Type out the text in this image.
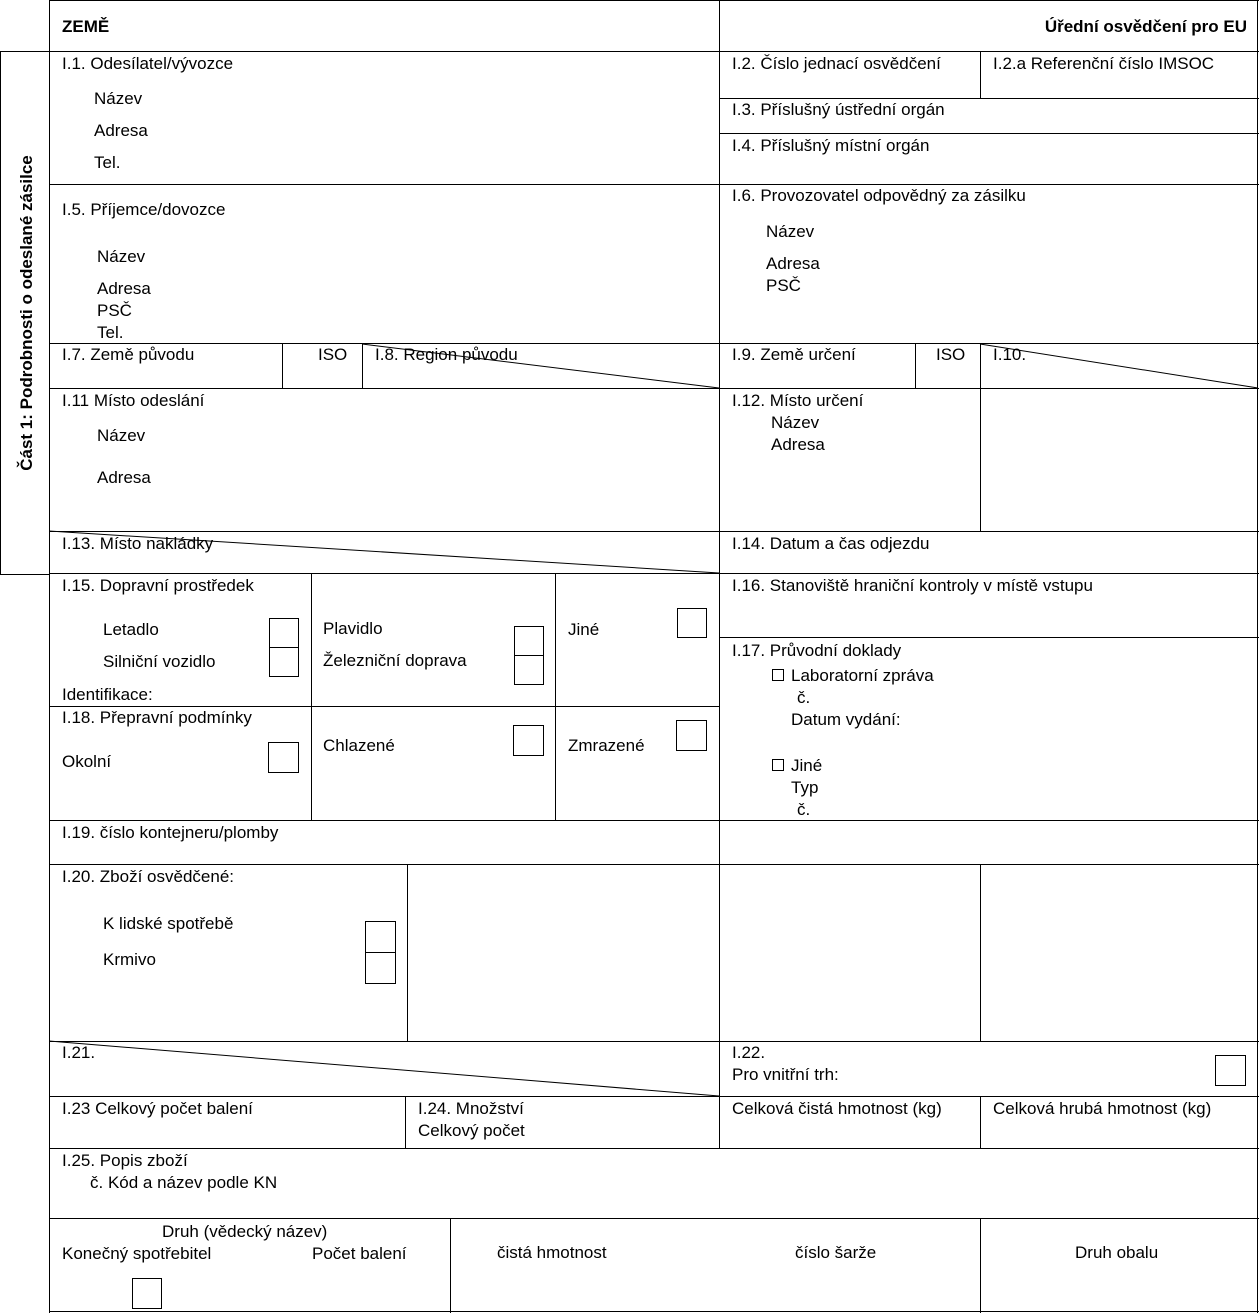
Část 1: Podrobnosti o odeslané zásilce
ZEMĚ	Úřední osvědčení pro EU
I.1. Odesílatel/vývozce
Název
Adresa
Tel.
I.2. Číslo jednací osvědčení	I.2.a Referenční číslo IMSOC
I.3. Příslušný ústřední orgán
I.4. Příslušný místní orgán
I.5. Příjemce/dovozce
Název
Adresa
PSČ
Tel.
I.6. Provozovatel odpovědný za zásilku
Název
Adresa
PSČ
I.7. Země původu	ISO I.8. Region původu	I.9. Země určení	ISO I.10.
I.11 Místo odeslání
Název
Adresa
I.12. Místo určení
Název
Adresa
I.13. Místo nakládky	I.14. Datum a čas odjezdu
I.15. Dopravní prostředek
Letadlo
Silniční vozidlo
Identifikace:
Plavidlo
Železniční doprava
Jiné
I.16. Stanoviště hraniční kontroly v místě vstupu
I.17. Průvodní doklady
Laboratorní zpráva
č.
Datum vydání:
Jiné
Typ
č.
I.18. Přepravní podmínky
Okolní
Chlazené	Zmrazené
I.19. číslo kontejneru/plomby
I.20. Zboží osvědčené:
K lidské spotřebě
Krmivo
I.21.	I.22.
Pro vnitřní trh:
I.23 Celkový počet balení	I.24. Množství
Celkový počet
Celková čistá hmotnost (kg)	Celková hrubá hmotnost (kg)
I.25. Popis zboží
č. Kód a název podle KN
Druh (vědecký název)
Konečný spotřebitel	Počet balení	čistá hmotnost	číslo šarže	Druh obalu
